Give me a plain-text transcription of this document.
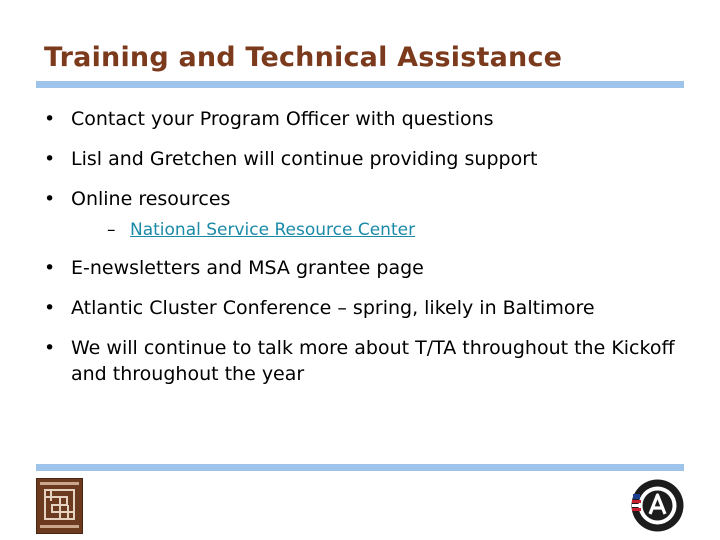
Training and Technical Assistance
• Contact your Program Officer with questions
• Lisl and Gretchen will continue providing support
• Online resources
– National Service Resource Center
• E-newsletters and MSA grantee page
• Atlantic Cluster Conference – spring, likely in Baltimore
• We will continue to talk more about T/TA throughout the Kickoff and throughout the year
